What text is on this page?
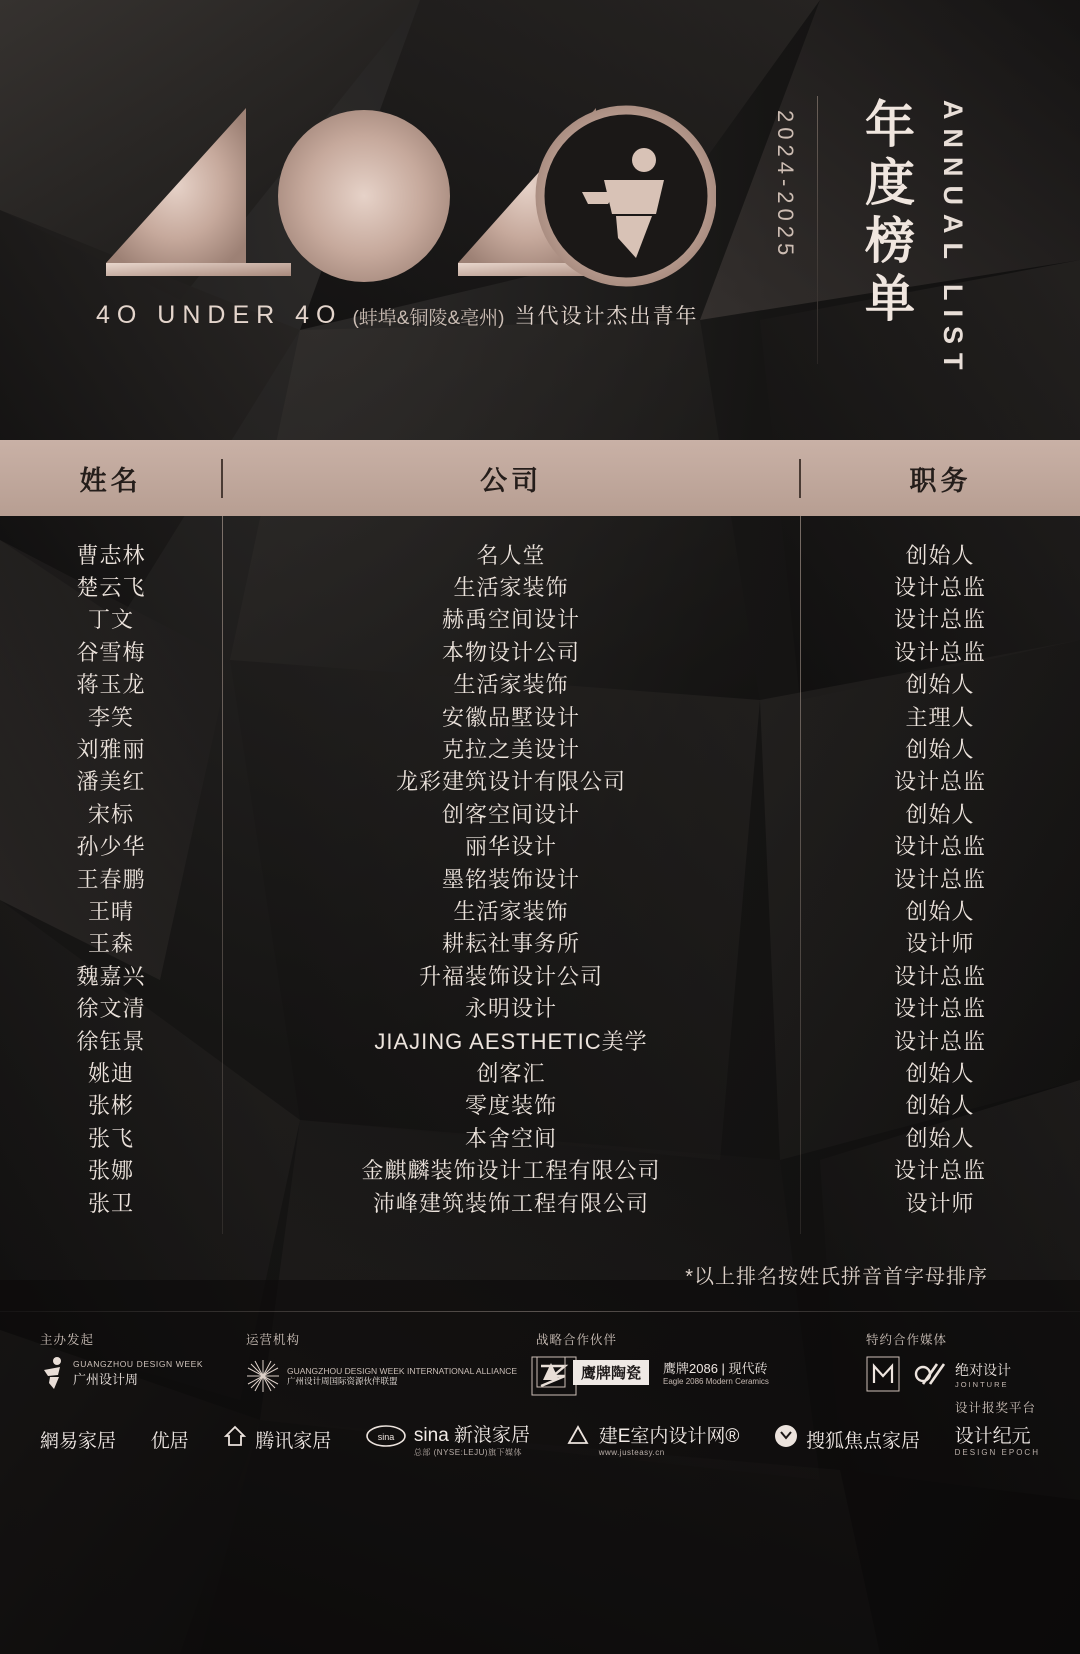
4O UNDER 4O (蚌埠&铜陵&亳州) 当代设计杰出青年
2024-2025 年度榜单 ANNUAL LIST
姓名	公司	职务
曹志林	名人堂	创始人
楚云飞	生活家装饰	设计总监
丁文	赫禹空间设计	设计总监
谷雪梅	本物设计公司	设计总监
蒋玉龙	生活家装饰	创始人
李笑	安徽品墅设计	主理人
刘雅丽	克拉之美设计	创始人
潘美红	龙彩建筑设计有限公司	设计总监
宋标	创客空间设计	创始人
孙少华	丽华设计	设计总监
王春鹏	墨铭装饰设计	设计总监
王晴	生活家装饰	创始人
王森	耕耘社事务所	设计师
魏嘉兴	升福装饰设计公司	设计总监
徐文清	永明设计	设计总监
徐钰景	JIAJING AESTHETIC美学	设计总监
姚迪	创客汇	创始人
张彬	零度装饰	创始人
张飞	本舍空间	创始人
张娜	金麒麟装饰设计工程有限公司	设计总监
张卫	沛峰建筑装饰工程有限公司	设计师
*以上排名按姓氏拼音首字母排序
设计报奖平台
主办发起
GUANGZHOU DESIGN WEEK
广州设计周
运营机构
GUANGZHOU DESIGN WEEK INTERNATIONAL ALLIANCE
广州设计周国际资源伙伴联盟
战略合作伙伴
鹰牌陶瓷	鹰牌2086 | 现代砖
Eagle 2086 Modern Ceramics
特约合作媒体
绝对设计
JOINTURE
網易家居 优居	腾讯家居	sina sina 新浪家居
总部 (NYSE:LEJU)旗下媒体
建E室内设计网®
www.justeasy.cn
搜狐焦点家居 设计纪元
DESIGN EPOCH
